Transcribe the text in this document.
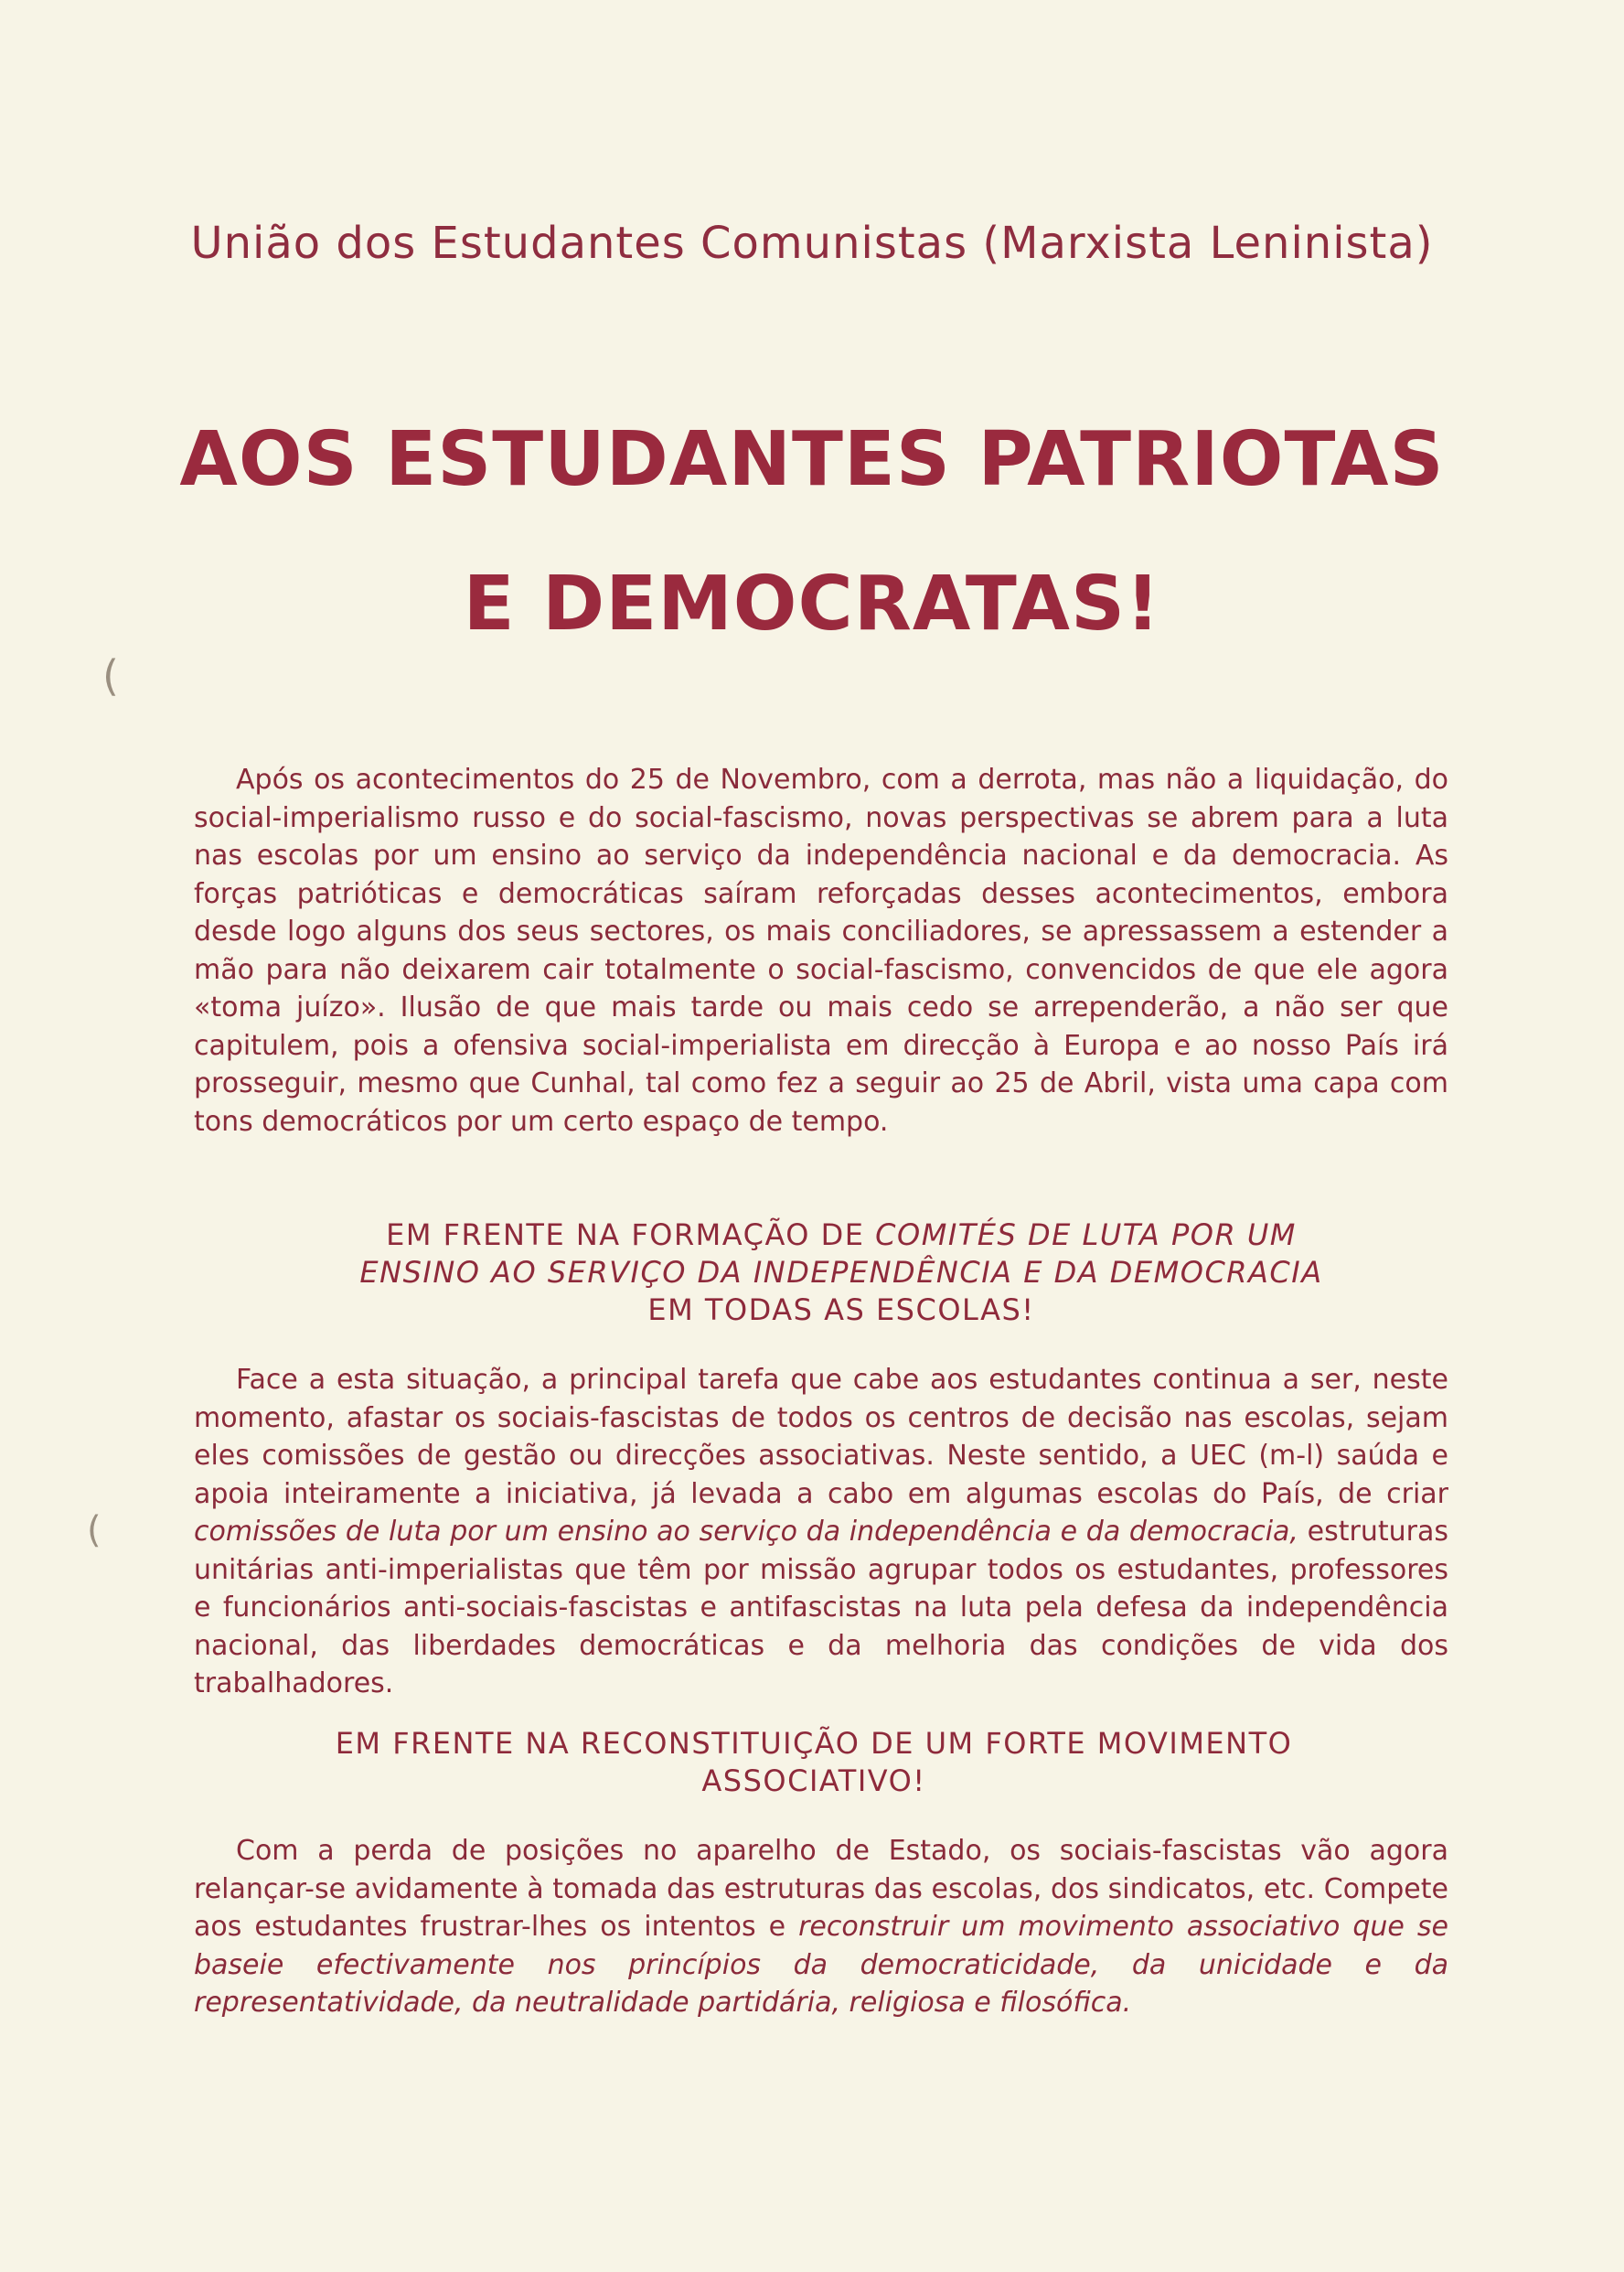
União dos Estudantes Comunistas (Marxista Leninista)
AOS ESTUDANTES PATRIOTAS
E DEMOCRATAS!
(
(
Após os acontecimentos do 25 de Novembro, com a derrota, mas não a liquidação, do social-imperialismo russo e do social-fascismo, novas perspectivas se abrem para a luta nas escolas por um ensino ao serviço da independência nacional e da democracia. As forças patrióticas e democráticas saíram reforçadas desses acontecimentos, embora desde logo alguns dos seus sectores, os mais conciliadores, se apressassem a estender a mão para não deixarem cair totalmente o social-fascismo, convencidos de que ele agora «toma juízo». Ilusão de que mais tarde ou mais cedo se arrependerão, a não ser que capitulem, pois a ofensiva social-imperialista em direcção à Europa e ao nosso País irá prosseguir, mesmo que Cunhal, tal como fez a seguir ao 25 de Abril, vista uma capa com tons democráticos por um certo espaço de tempo.
EM FRENTE NA FORMAÇÃO DE COMITÉS DE LUTA POR UM ENSINO AO SERVIÇO DA INDEPENDÊNCIA E DA DEMOCRACIA EM TODAS AS ESCOLAS!
Face a esta situação, a principal tarefa que cabe aos estudantes continua a ser, neste momento, afastar os sociais-fascistas de todos os centros de decisão nas escolas, sejam eles comissões de gestão ou direcções associativas. Neste sentido, a UEC (m-l) saúda e apoia inteiramente a iniciativa, já levada a cabo em algumas escolas do País, de criar comissões de luta por um ensino ao serviço da independência e da democracia, estruturas unitárias anti-imperialistas que têm por missão agrupar todos os estudantes, professores e funcionários anti-sociais-fascistas e antifascistas na luta pela defesa da independência nacional, das liberdades democráticas e da melhoria das condições de vida dos trabalhadores.
EM FRENTE NA RECONSTITUIÇÃO DE UM FORTE MOVIMENTO ASSOCIATIVO!
Com a perda de posições no aparelho de Estado, os sociais-fascistas vão agora relançar-se avidamente à tomada das estruturas das escolas, dos sindicatos, etc. Compete aos estudantes frustrar-lhes os intentos e reconstruir um movimento associativo que se baseie efectivamente nos princípios da democraticidade, da unicidade e da representatividade, da neutralidade partidária, religiosa e filosófica.
